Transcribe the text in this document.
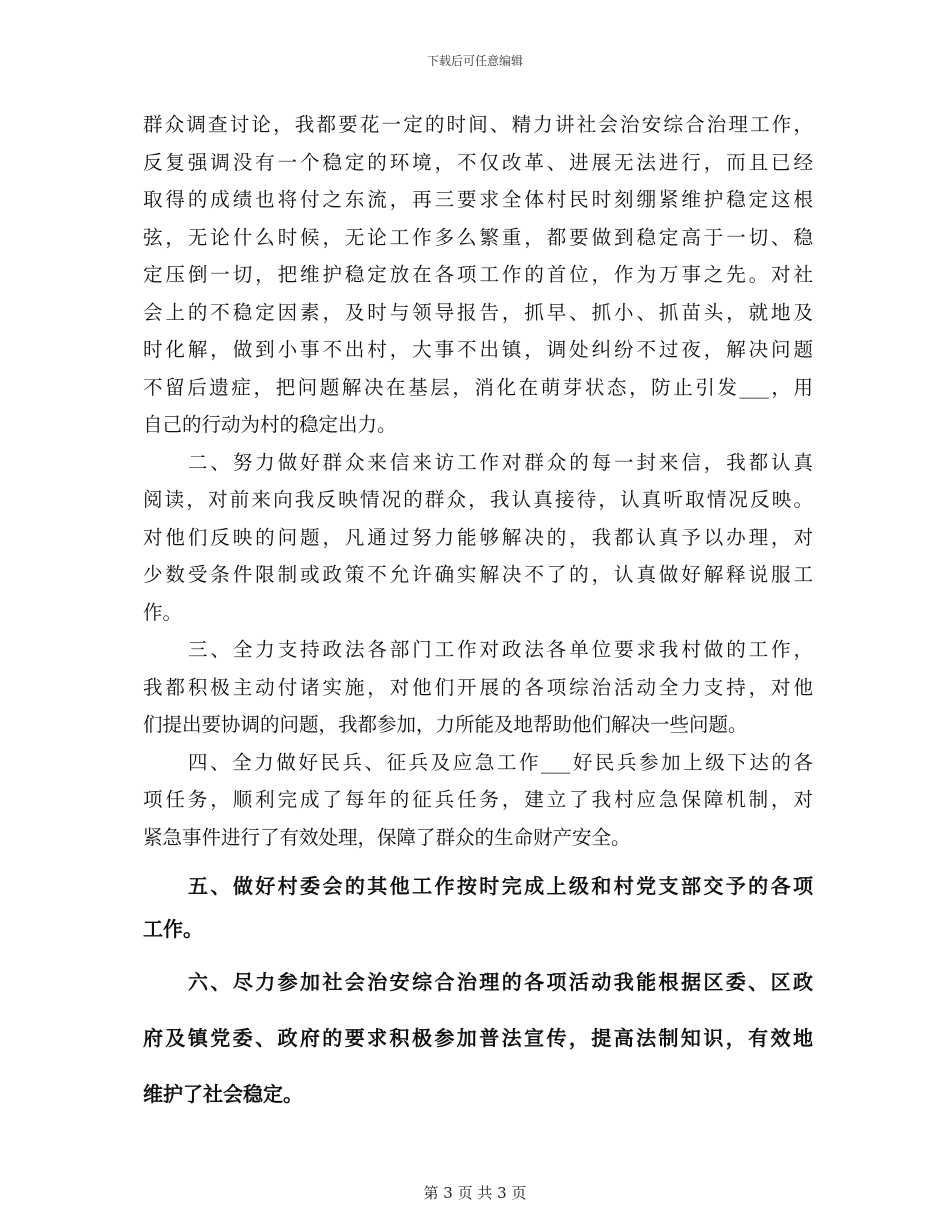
下载后可任意编辑
群众调查讨论，我都要花一定的时间、精力讲社会治安综合治理工作，
反复强调没有一个稳定的环境，不仅改革、进展无法进行，而且已经
取得的成绩也将付之东流，再三要求全体村民时刻绷紧维护稳定这根
弦，无论什么时候，无论工作多么繁重，都要做到稳定高于一切、稳
定压倒一切，把维护稳定放在各项工作的首位，作为万事之先。对社
会上的不稳定因素，及时与领导报告，抓早、抓小、抓苗头，就地及
时化解，做到小事不出村，大事不出镇，调处纠纷不过夜，解决问题
不留后遗症，把问题解决在基层，消化在萌芽状态，防止引发___，用
自己的行动为村的稳定出力。
二、努力做好群众来信来访工作对群众的每一封来信，我都认真
阅读，对前来向我反映情况的群众，我认真接待，认真听取情况反映。
对他们反映的问题，凡通过努力能够解决的，我都认真予以办理，对
少数受条件限制或政策不允许确实解决不了的，认真做好解释说服工
作。
三、全力支持政法各部门工作对政法各单位要求我村做的工作，
我都积极主动付诸实施，对他们开展的各项综治活动全力支持，对他
们提出要协调的问题，我都参加，力所能及地帮助他们解决一些问题。
四、全力做好民兵、征兵及应急工作___好民兵参加上级下达的各
项任务，顺利完成了每年的征兵任务，建立了我村应急保障机制，对
紧急事件进行了有效处理，保障了群众的生命财产安全。
五、做好村委会的其他工作按时完成上级和村党支部交予的各项
工作。
六、尽力参加社会治安综合治理的各项活动我能根据区委、区政
府及镇党委、政府的要求积极参加普法宣传，提高法制知识，有效地
维护了社会稳定。
第 3 页 共 3 页
